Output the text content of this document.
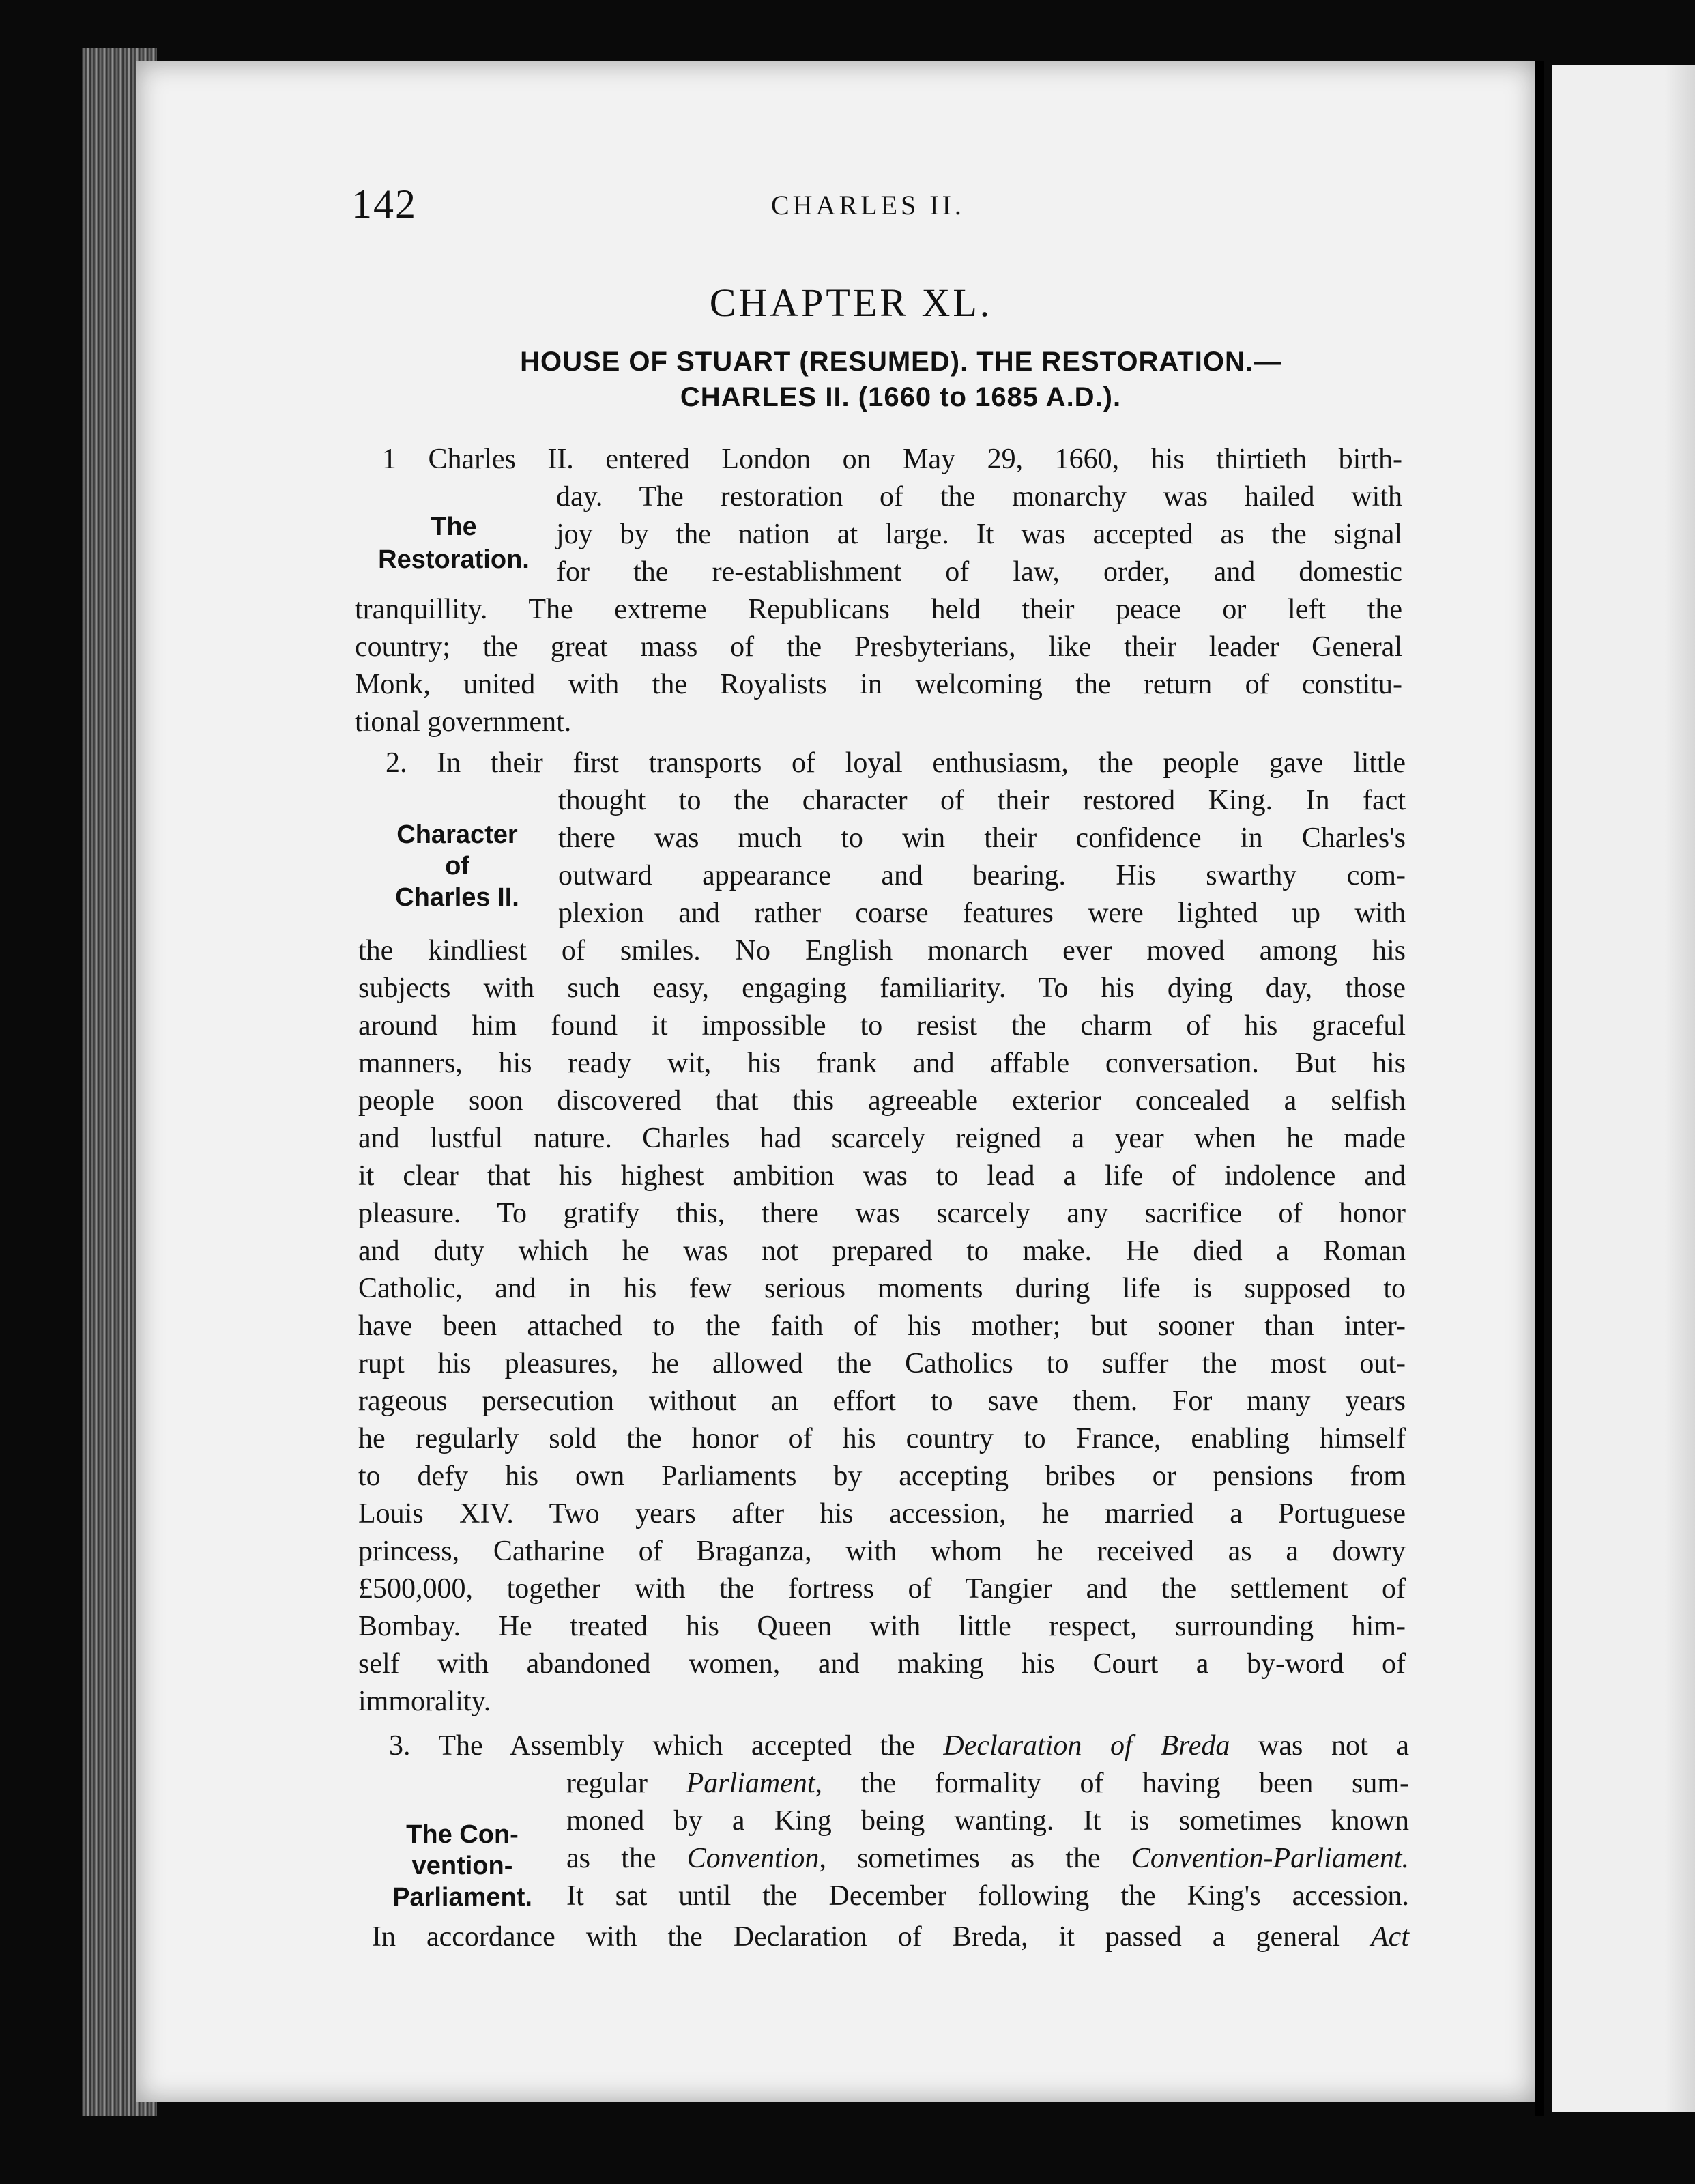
142	CHARLES II.
CHAPTER XL.
HOUSE OF STUART (RESUMED). THE RESTORATION.—
CHARLES II. (1660 to 1685 A.D.).
The
Restoration.
Character
of
Charles II.
The Con-
vention-
Parliament.
1 Charles II. entered London on May 29, 1660, his thirtieth birth-
day. The restoration of the monarchy was hailed with
joy by the nation at large. It was accepted as the signal
for the re-establishment of law, order, and domestic
tranquillity. The extreme Republicans held their peace or left the
country; the great mass of the Presbyterians, like their leader General
Monk, united with the Royalists in welcoming the return of constitu-
tional government.
2. In their first transports of loyal enthusiasm, the people gave little
thought to the character of their restored King. In fact
there was much to win their confidence in Charles's
outward appearance and bearing. His swarthy com-
plexion and rather coarse features were lighted up with
the kindliest of smiles. No English monarch ever moved among his
subjects with such easy, engaging familiarity. To his dying day, those
around him found it impossible to resist the charm of his graceful
manners, his ready wit, his frank and affable conversation. But his
people soon discovered that this agreeable exterior concealed a selfish
and lustful nature. Charles had scarcely reigned a year when he made
it clear that his highest ambition was to lead a life of indolence and
pleasure. To gratify this, there was scarcely any sacrifice of honor
and duty which he was not prepared to make. He died a Roman
Catholic, and in his few serious moments during life is supposed to
have been attached to the faith of his mother; but sooner than inter-
rupt his pleasures, he allowed the Catholics to suffer the most out-
rageous persecution without an effort to save them. For many years
he regularly sold the honor of his country to France, enabling himself
to defy his own Parliaments by accepting bribes or pensions from
Louis XIV. Two years after his accession, he married a Portuguese
princess, Catharine of Braganza, with whom he received as a dowry
£500,000, together with the fortress of Tangier and the settlement of
Bombay. He treated his Queen with little respect, surrounding him-
self with abandoned women, and making his Court a by-word of
immorality.
3. The Assembly which accepted the Declaration of Breda was not a
regular Parliament, the formality of having been sum-
moned by a King being wanting. It is sometimes known
as the Convention, sometimes as the Convention-Parliament.
It sat until the December following the King's accession.
In accordance with the Declaration of Breda, it passed a general Act
